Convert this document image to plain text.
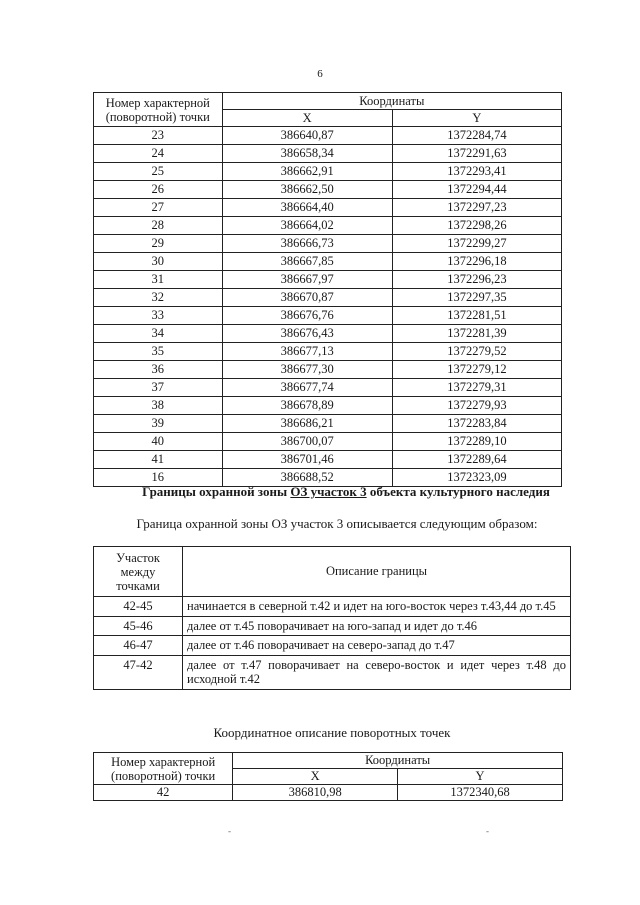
6
Номер характерной
(поворотной) точки	Координаты	
	X	Y
23	386640,87	1372284,74
24	386658,34	1372291,63
25	386662,91	1372293,41
26	386662,50	1372294,44
27	386664,40	1372297,23
28	386664,02	1372298,26
29	386666,73	1372299,27
30	386667,85	1372296,18
31	386667,97	1372296,23
32	386670,87	1372297,35
33	386676,76	1372281,51
34	386676,43	1372281,39
35	386677,13	1372279,52
36	386677,30	1372279,12
37	386677,74	1372279,31
38	386678,89	1372279,93
39	386686,21	1372283,84
40	386700,07	1372289,10
41	386701,46	1372289,64
16	386688,52	1372323,09
Границы охранной зоны ОЗ участок 3 объекта культурного наследия
Граница охранной зоны ОЗ участок 3 описывается следующим образом:
Участок
между
точками	Описание границы
42-45	начинается в северной т.42 и идет на юго-восток через т.43,44 до т.45
45-46	далее от т.45 поворачивает на юго-запад и идет до т.46
46-47	далее от т.46 поворачивает на северо-запад до т.47
47-42	далее от т.47 поворачивает на северо-восток и идет через т.48 до исходной т.42
Координатное описание поворотных точек
Номер характерной
(поворотной) точки	Координаты	
	X	Y
42	386810,98	1372340,68
-	-
